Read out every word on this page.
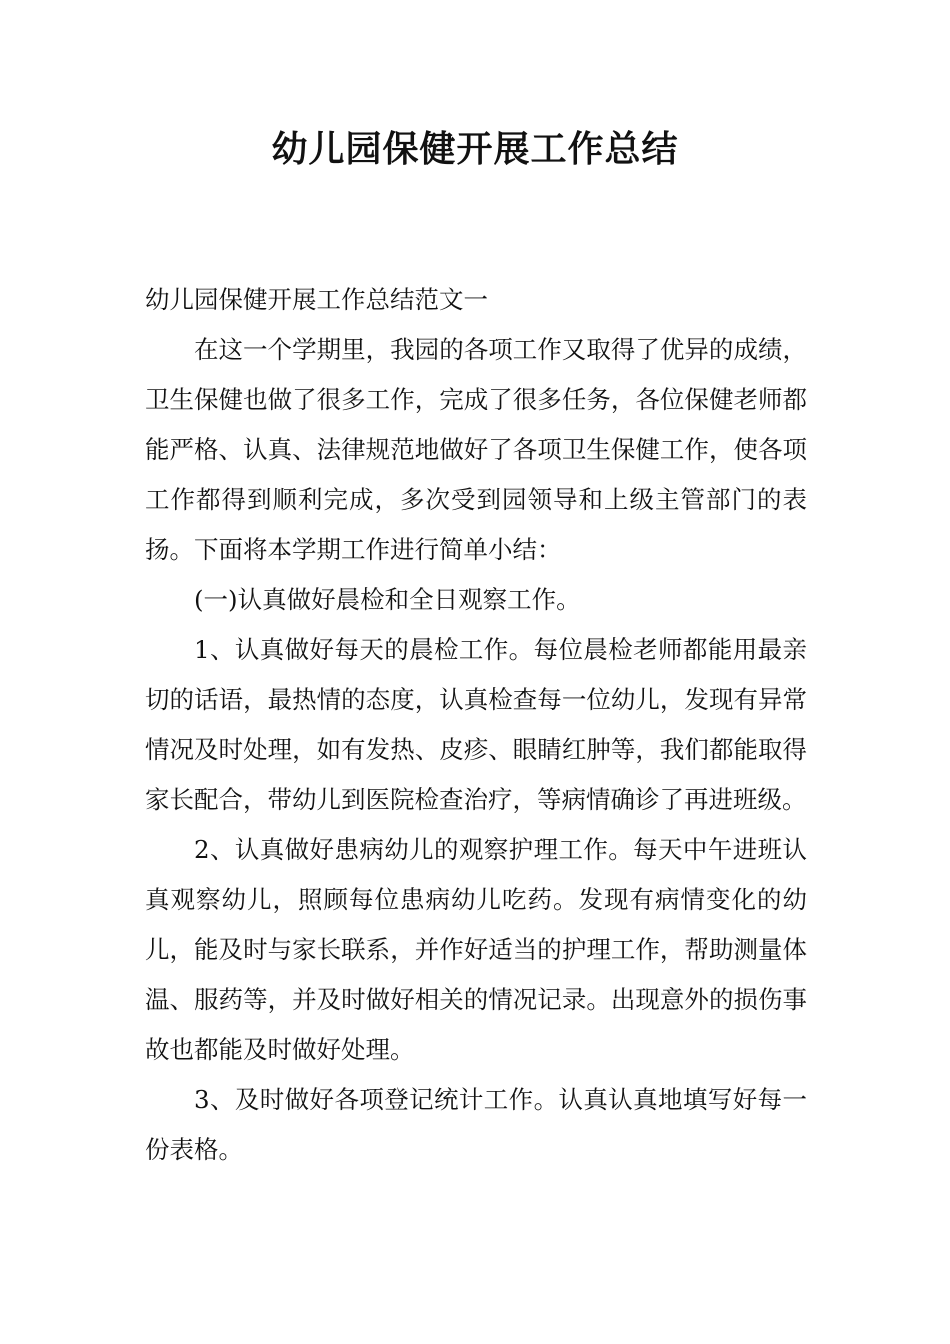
幼儿园保健开展工作总结

幼儿园保健开展工作总结范文一

在这一个学期里，我园的各项工作又取得了优异的成绩，卫生保健也做了很多工作，完成了很多任务，各位保健老师都能严格、认真、法律规范地做好了各项卫生保健工作，使各项工作都得到顺利完成，多次受到园领导和上级主管部门的表扬。下面将本学期工作进行简单小结：

(一)认真做好晨检和全日观察工作。

1、认真做好每天的晨检工作。每位晨检老师都能用最亲切的话语，最热情的态度，认真检查每一位幼儿，发现有异常情况及时处理，如有发热、皮疹、眼睛红肿等，我们都能取得家长配合，带幼儿到医院检查治疗，等病情确诊了再进班级。

2、认真做好患病幼儿的观察护理工作。每天中午进班认真观察幼儿，照顾每位患病幼儿吃药。发现有病情变化的幼儿，能及时与家长联系，并作好适当的护理工作，帮助测量体温、服药等，并及时做好相关的情况记录。出现意外的损伤事故也都能及时做好处理。

3、及时做好各项登记统计工作。认真认真地填写好每一份表格。
